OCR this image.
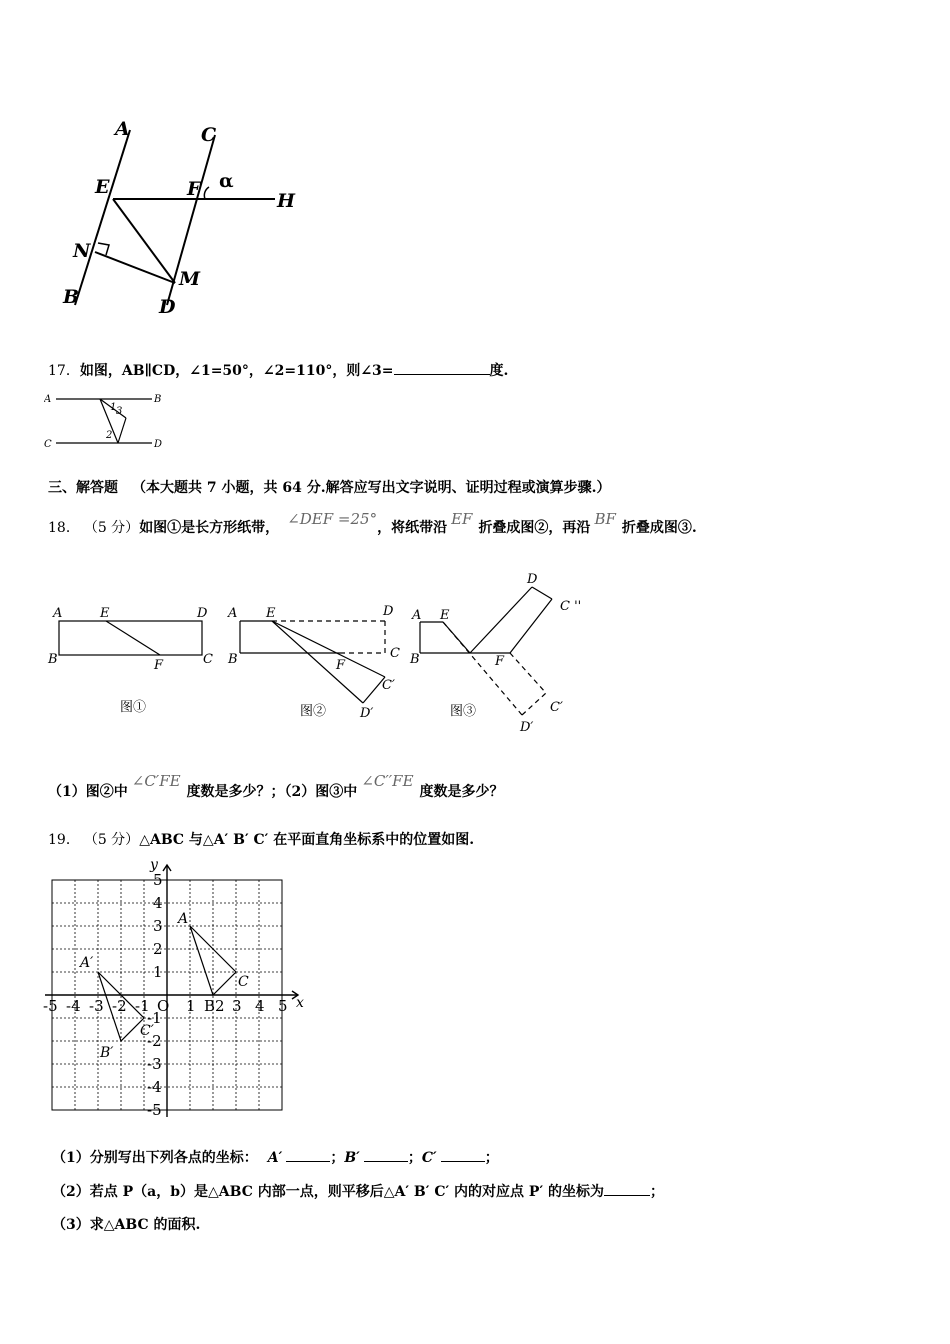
A	C
E	F α
H
N
M
B	D
17．如图，AB∥CD，∠1=50°，∠2=110°，则∠3=	度.
A	B
C	D
1 3
2
三、解答题 （本大题共 7 小题，共 64 分.解答应写出文字说明、证明过程或演算步骤.）
18． （5 分）如图①是长方形纸带， ∠DEF =25°，将纸带沿 EF 折叠成图②，再沿 BF 折叠成图③.
A	E	D
B	F	C
图①
A E	D
B	F
C
C′
D′
图②
A E
D
C ''
B	F
C′
D′
图③
（1）图②中∠C′FE度数是多少？；（2）图③中∠C′′FE度数是多少？
19． （5 分）△ABC 与△A′ B′ C′ 在平面直角坐标系中的位置如图.
-5 -4 -3 -2 -1 O 1 B2 3 4 5
5
4
3
2
1
-1
-2
-3
-4
-5
y
x
A
C
A′
B′
C′
（1）分别写出下列各点的坐标： A′	；B′	；C′	；
（2）若点 P（a，b）是△ABC 内部一点，则平移后△A′ B′ C′ 内的对应点 P′ 的坐标为	；
（3）求△ABC 的面积.
